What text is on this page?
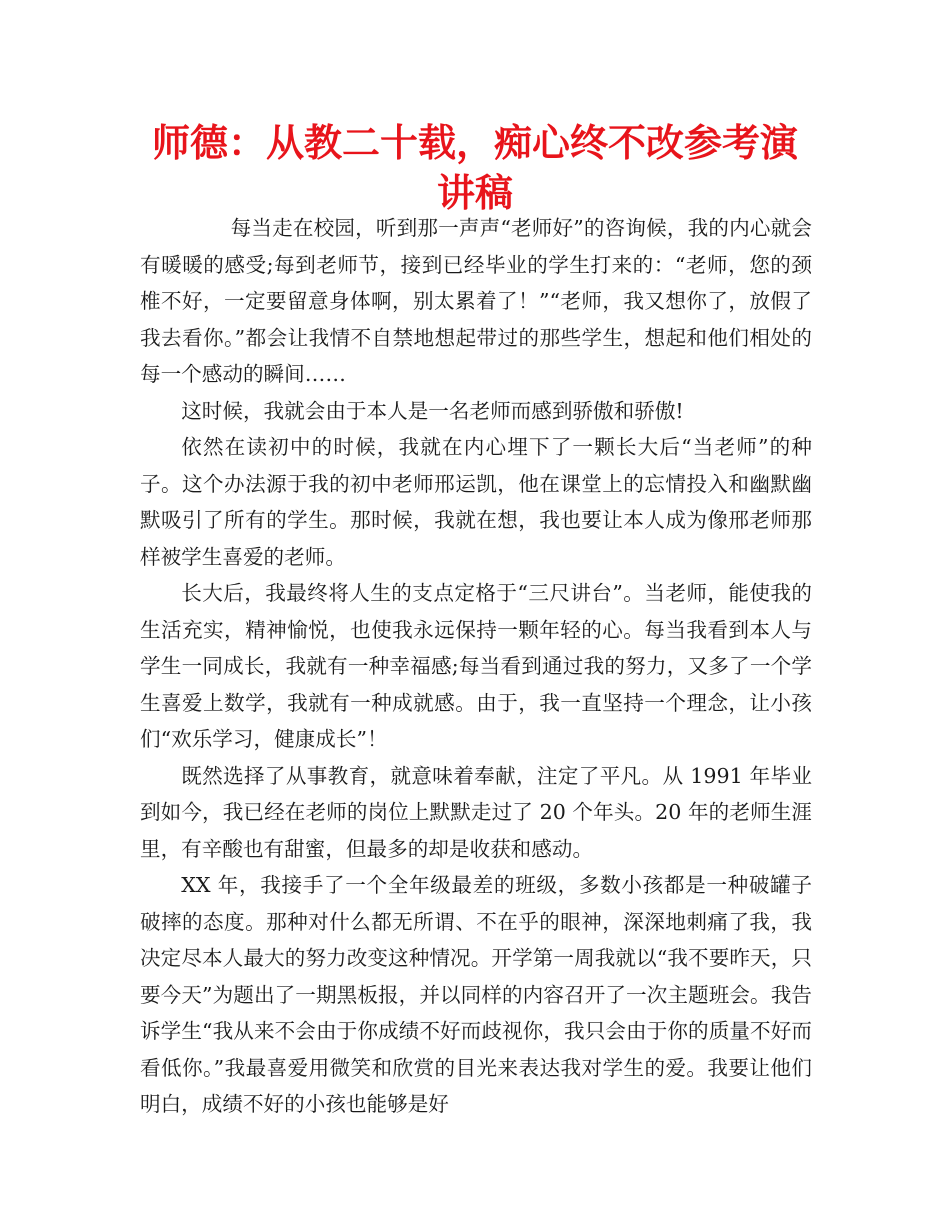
师德：从教二十载，痴心终不改参考演讲稿

每当走在校园，听到那一声声“老师好”的咨询候，我的内心就会有暖暖的感受;每到老师节，接到已经毕业的学生打来的：“老师，您的颈椎不好，一定要留意身体啊，别太累着了！”“老师，我又想你了，放假了我去看你。”都会让我情不自禁地想起带过的那些学生，想起和他们相处的每一个感动的瞬间……

这时候，我就会由于本人是一名老师而感到骄傲和骄傲!

依然在读初中的时候，我就在内心埋下了一颗长大后“当老师”的种子。这个办法源于我的初中老师邢运凯，他在课堂上的忘情投入和幽默幽默吸引了所有的学生。那时候，我就在想，我也要让本人成为像邢老师那样被学生喜爱的老师。

长大后，我最终将人生的支点定格于“三尺讲台”。当老师，能使我的生活充实，精神愉悦，也使我永远保持一颗年轻的心。每当我看到本人与学生一同成长，我就有一种幸福感;每当看到通过我的努力，又多了一个学生喜爱上数学，我就有一种成就感。由于，我一直坚持一个理念，让小孩们“欢乐学习，健康成长”！

既然选择了从事教育，就意味着奉献，注定了平凡。从 1991 年毕业到如今，我已经在老师的岗位上默默走过了 20 个年头。20 年的老师生涯里，有辛酸也有甜蜜，但最多的却是收获和感动。

XX 年，我接手了一个全年级最差的班级，多数小孩都是一种破罐子破摔的态度。那种对什么都无所谓、不在乎的眼神，深深地刺痛了我，我决定尽本人最大的努力改变这种情况。开学第一周我就以“我不要昨天，只要今天”为题出了一期黑板报，并以同样的内容召开了一次主题班会。我告诉学生“我从来不会由于你成绩不好而歧视你，我只会由于你的质量不好而看低你。”我最喜爱用微笑和欣赏的目光来表达我对学生的爱。我要让他们明白，成绩不好的小孩也能够是好
